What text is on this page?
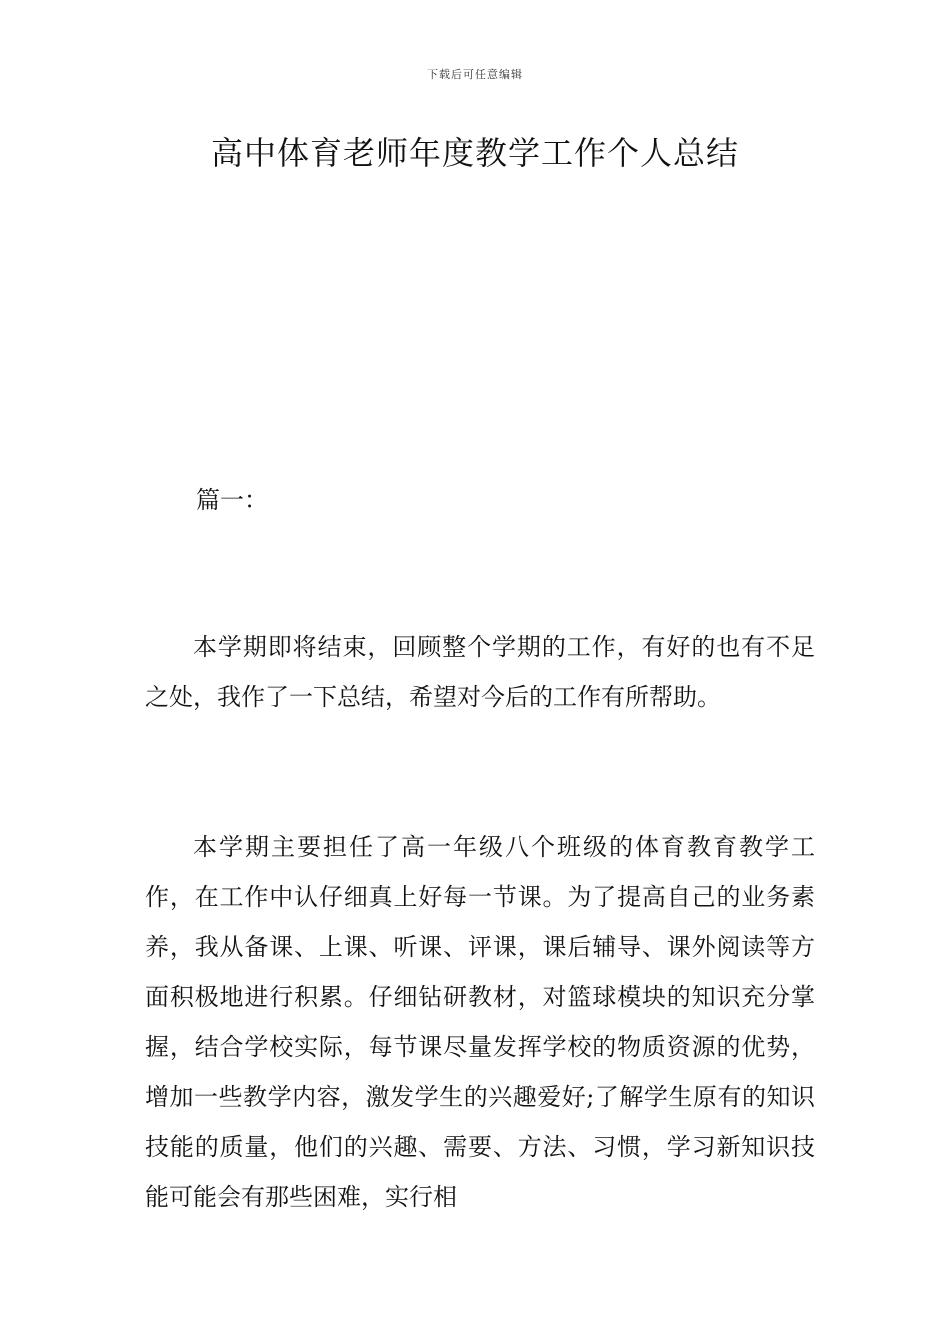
下载后可任意编辑
高中体育老师年度教学工作个人总结

篇一：

本学期即将结束，回顾整个学期的工作，有好的也有不足之处，我作了一下总结，希望对今后的工作有所帮助。

本学期主要担任了高一年级八个班级的体育教育教学工作，在工作中认仔细真上好每一节课。为了提高自己的业务素养，我从备课、上课、听课、评课，课后辅导、课外阅读等方面积极地进行积累。仔细钻研教材，对篮球模块的知识充分掌握，结合学校实际，每节课尽量发挥学校的物质资源的优势，增加一些教学内容，激发学生的兴趣爱好;了解学生原有的知识技能的质量，他们的兴趣、需要、方法、习惯，学习新知识技能可能会有那些困难，实行相
